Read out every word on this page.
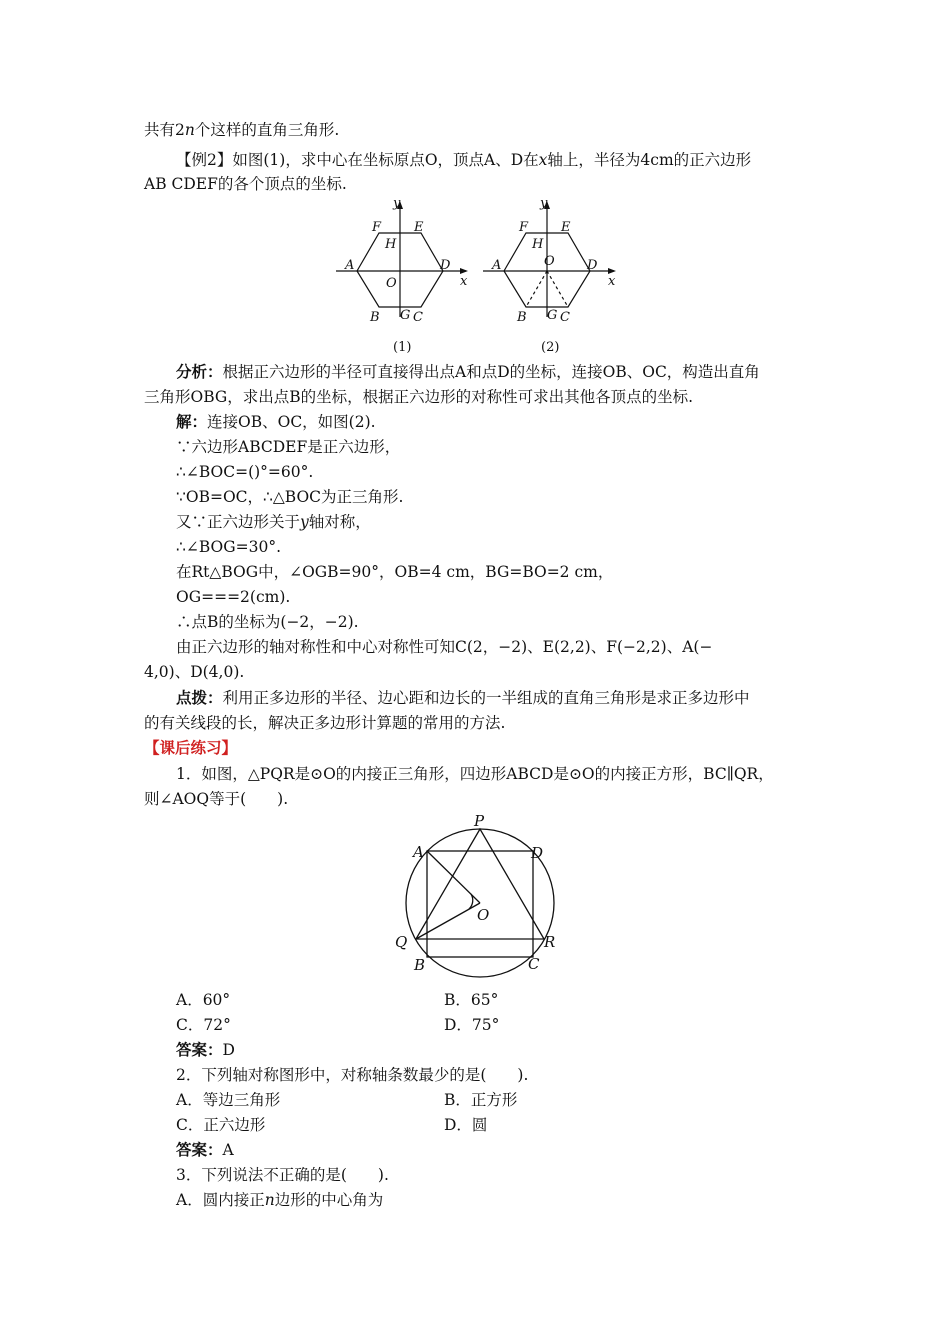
共有2n个这样的直角三角形.
【例2】如图(1)，求中心在坐标原点O，顶点A、D在x轴上，半径为4cm的正六边形
AB CDEF的各个顶点的坐标.
y
x
F	E
H
A	D
O
B G C
(1)
y
x
F	E
H
A	D
O
B G C
(2)
分析：根据正六边形的半径可直接得出点A和点D的坐标，连接OB、OC，构造出直角
三角形OBG，求出点B的坐标，根据正六边形的对称性可求出其他各顶点的坐标.
解：连接OB、OC，如图(2).
∵六边形ABCDEF是正六边形，
∴∠BOC=()°=60°.
∵OB=OC，∴△BOC为正三角形.
又∵正六边形关于y轴对称，
∴∠BOG=30°.
在Rt△BOG中，∠OGB=90°，OB=4 cm，BG=BO=2 cm，
OG===2(cm).
∴点B的坐标为(−2，−2).
由正六边形的轴对称性和中心对称性可知C(2，−2)、E(2,2)、F(−2,2)、A(−
4,0)、D(4,0).
点拨：利用正多边形的半径、边心距和边长的一半组成的直角三角形是求正多边形中
的有关线段的长，解决正多边形计算题的常用的方法.
【课后练习】
1．如图，△PQR是⊙O的内接正三角形，四边形ABCD是⊙O的内接正方形，BC∥QR，
则∠AOQ等于(　　).
P
A	D
O
Q	R
B	C
A．60°	B．65°
C．72°	D．75°
答案：D
2．下列轴对称图形中，对称轴条数最少的是(　　).
A．等边三角形	B．正方形
C．正六边形	D．圆
答案：A
3．下列说法不正确的是(　　).
A．圆内接正n边形的中心角为
